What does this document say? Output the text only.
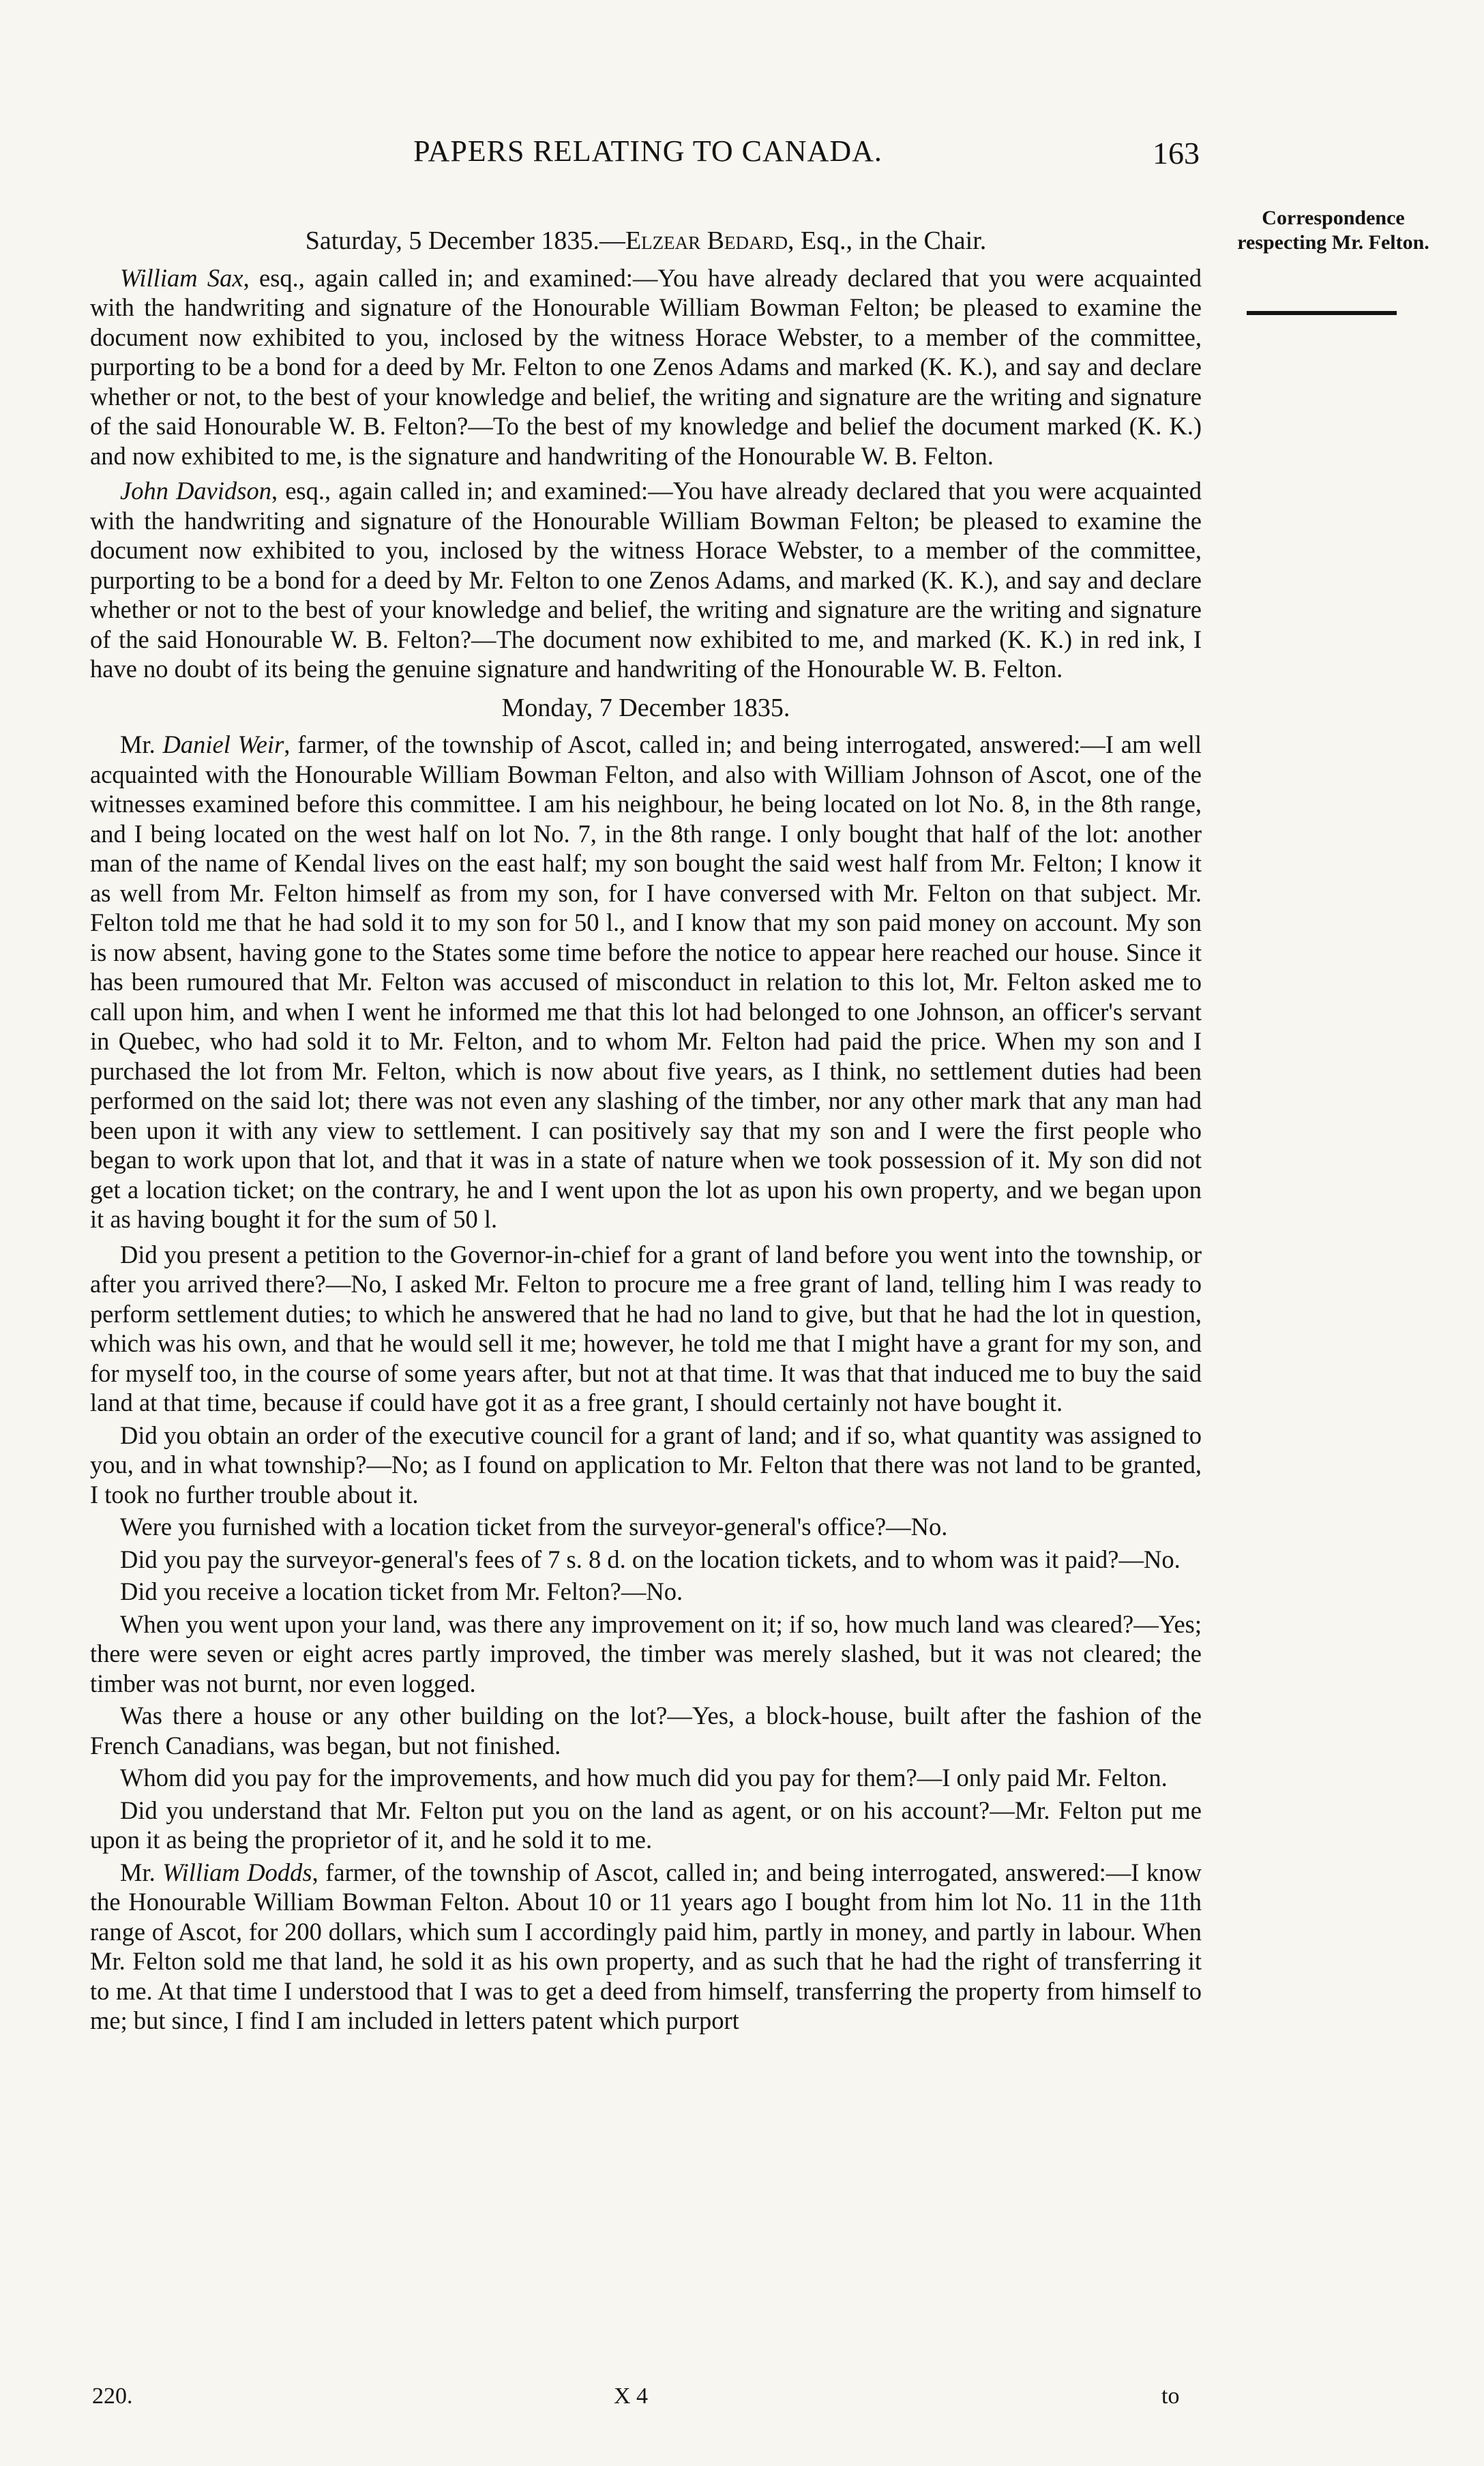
PAPERS RELATING TO CANADA.	163
Correspondence respecting Mr. Felton.

Saturday, 5 December 1835.—Elzear Bedard, Esq., in the Chair.

William Sax, esq., again called in; and examined:—You have already declared that you were acquainted with the handwriting and signature of the Honourable William Bowman Felton; be pleased to examine the document now exhibited to you, inclosed by the witness Horace Webster, to a member of the committee, purporting to be a bond for a deed by Mr. Felton to one Zenos Adams and marked (K. K.), and say and declare whether or not, to the best of your knowledge and belief, the writing and signature are the writing and signature of the said Honourable W. B. Felton?—To the best of my knowledge and belief the document marked (K. K.) and now exhibited to me, is the signature and handwriting of the Honourable W. B. Felton.

John Davidson, esq., again called in; and examined:—You have already declared that you were acquainted with the handwriting and signature of the Honourable William Bowman Felton; be pleased to examine the document now exhibited to you, inclosed by the witness Horace Webster, to a member of the committee, purporting to be a bond for a deed by Mr. Felton to one Zenos Adams, and marked (K. K.), and say and declare whether or not to the best of your knowledge and belief, the writing and signature are the writing and signature of the said Honourable W. B. Felton?—The document now exhibited to me, and marked (K. K.) in red ink, I have no doubt of its being the genuine signature and handwriting of the Honourable W. B. Felton.

Monday, 7 December 1835.

Mr. Daniel Weir, farmer, of the township of Ascot, called in; and being interrogated, answered:—I am well acquainted with the Honourable William Bowman Felton, and also with William Johnson of Ascot, one of the witnesses examined before this committee. I am his neighbour, he being located on lot No. 8, in the 8th range, and I being located on the west half on lot No. 7, in the 8th range. I only bought that half of the lot: another man of the name of Kendal lives on the east half; my son bought the said west half from Mr. Felton; I know it as well from Mr. Felton himself as from my son, for I have conversed with Mr. Felton on that subject. Mr. Felton told me that he had sold it to my son for 50 l., and I know that my son paid money on account. My son is now absent, having gone to the States some time before the notice to appear here reached our house. Since it has been rumoured that Mr. Felton was accused of misconduct in relation to this lot, Mr. Felton asked me to call upon him, and when I went he informed me that this lot had belonged to one Johnson, an officer's servant in Quebec, who had sold it to Mr. Felton, and to whom Mr. Felton had paid the price. When my son and I purchased the lot from Mr. Felton, which is now about five years, as I think, no settlement duties had been performed on the said lot; there was not even any slashing of the timber, nor any other mark that any man had been upon it with any view to settlement. I can positively say that my son and I were the first people who began to work upon that lot, and that it was in a state of nature when we took possession of it. My son did not get a location ticket; on the contrary, he and I went upon the lot as upon his own property, and we began upon it as having bought it for the sum of 50 l.

Did you present a petition to the Governor-in-chief for a grant of land before you went into the township, or after you arrived there?—No, I asked Mr. Felton to procure me a free grant of land, telling him I was ready to perform settlement duties; to which he answered that he had no land to give, but that he had the lot in question, which was his own, and that he would sell it me; however, he told me that I might have a grant for my son, and for myself too, in the course of some years after, but not at that time. It was that that induced me to buy the said land at that time, because if could have got it as a free grant, I should certainly not have bought it.

Did you obtain an order of the executive council for a grant of land; and if so, what quantity was assigned to you, and in what township?—No; as I found on application to Mr. Felton that there was not land to be granted, I took no further trouble about it.

Were you furnished with a location ticket from the surveyor-general's office?—No.

Did you pay the surveyor-general's fees of 7 s. 8 d. on the location tickets, and to whom was it paid?—No.

Did you receive a location ticket from Mr. Felton?—No.

When you went upon your land, was there any improvement on it; if so, how much land was cleared?—Yes; there were seven or eight acres partly improved, the timber was merely slashed, but it was not cleared; the timber was not burnt, nor even logged.

Was there a house or any other building on the lot?—Yes, a block-house, built after the fashion of the French Canadians, was began, but not finished.

Whom did you pay for the improvements, and how much did you pay for them?—I only paid Mr. Felton.

Did you understand that Mr. Felton put you on the land as agent, or on his account?—Mr. Felton put me upon it as being the proprietor of it, and he sold it to me.

Mr. William Dodds, farmer, of the township of Ascot, called in; and being interrogated, answered:—I know the Honourable William Bowman Felton. About 10 or 11 years ago I bought from him lot No. 11 in the 11th range of Ascot, for 200 dollars, which sum I accordingly paid him, partly in money, and partly in labour. When Mr. Felton sold me that land, he sold it as his own property, and as such that he had the right of transferring it to me. At that time I understood that I was to get a deed from himself, transferring the property from himself to me; but since, I find I am included in letters patent which purport

220.	X 4	to
